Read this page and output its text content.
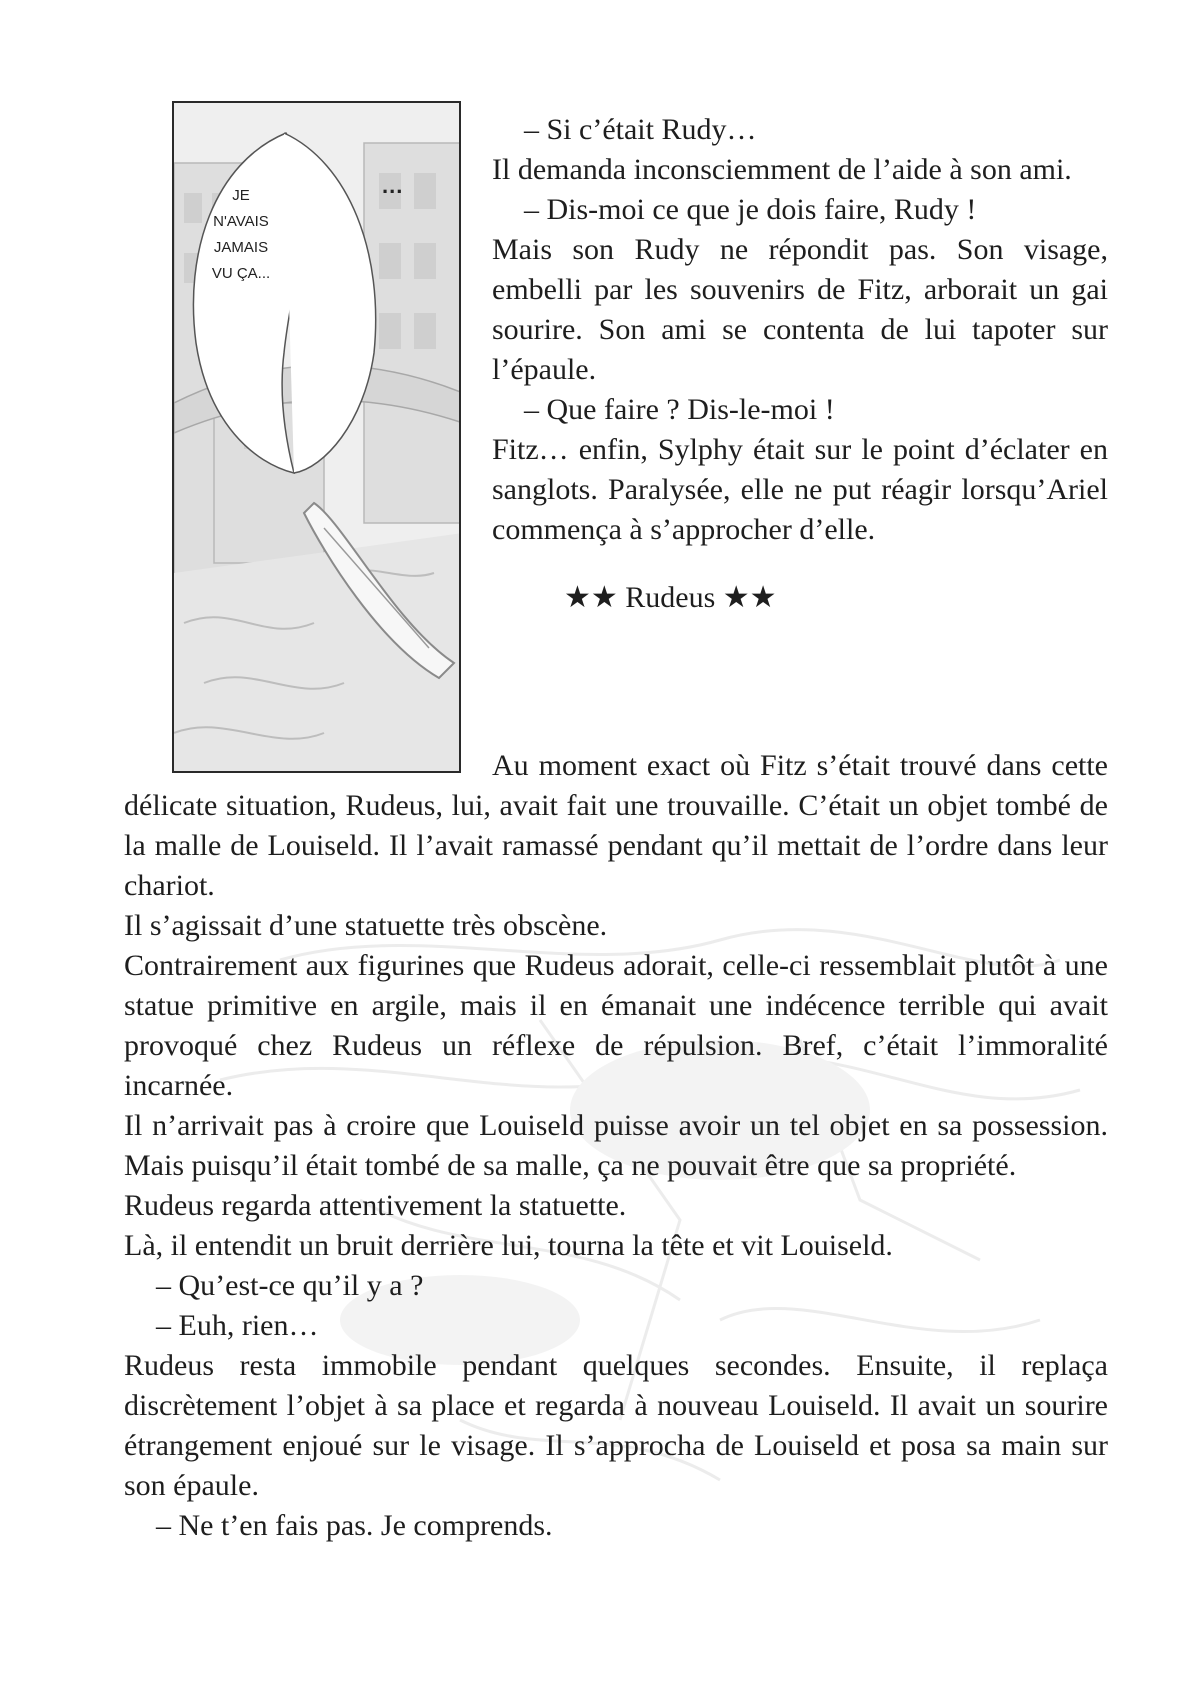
JE
N'AVAIS
JAMAIS
VU ÇA...
...

– Si c’était Rudy…

Il demanda inconsciemment de l’aide à son ami.

– Dis-moi ce que je dois faire, Rudy !

Mais son Rudy ne répondit pas. Son visage, embelli par les souvenirs de Fitz, arborait un gai sourire. Son ami se contenta de lui tapoter sur l’épaule.

– Que faire ? Dis-le-moi !

Fitz… enfin, Sylphy était sur le point d’éclater en sanglots. Paralysée, elle ne put réagir lorsqu’Ariel commença à s’approcher d’elle.

★★ Rudeus ★★

Au moment exact où Fitz s’était trouvé dans cette délicate situation, Rudeus, lui, avait fait une trouvaille. C’était un objet tombé de la malle de Louiseld. Il l’avait ramassé pendant qu’il mettait de l’ordre dans leur chariot.

Il s’agissait d’une statuette très obscène.

Contrairement aux figurines que Rudeus adorait, celle-ci ressemblait plutôt à une statue primitive en argile, mais il en émanait une indécence terrible qui avait provoqué chez Rudeus un réflexe de répulsion. Bref, c’était l’immoralité incarnée.

Il n’arrivait pas à croire que Louiseld puisse avoir un tel objet en sa possession. Mais puisqu’il était tombé de sa malle, ça ne pouvait être que sa propriété.

Rudeus regarda attentivement la statuette.

Là, il entendit un bruit derrière lui, tourna la tête et vit Louiseld.

– Qu’est-ce qu’il y a ?

– Euh, rien…

Rudeus resta immobile pendant quelques secondes. Ensuite, il replaça discrètement l’objet à sa place et regarda à nouveau Louiseld. Il avait un sourire étrangement enjoué sur le visage. Il s’approcha de Louiseld et posa sa main sur son épaule.

– Ne t’en fais pas. Je comprends.
